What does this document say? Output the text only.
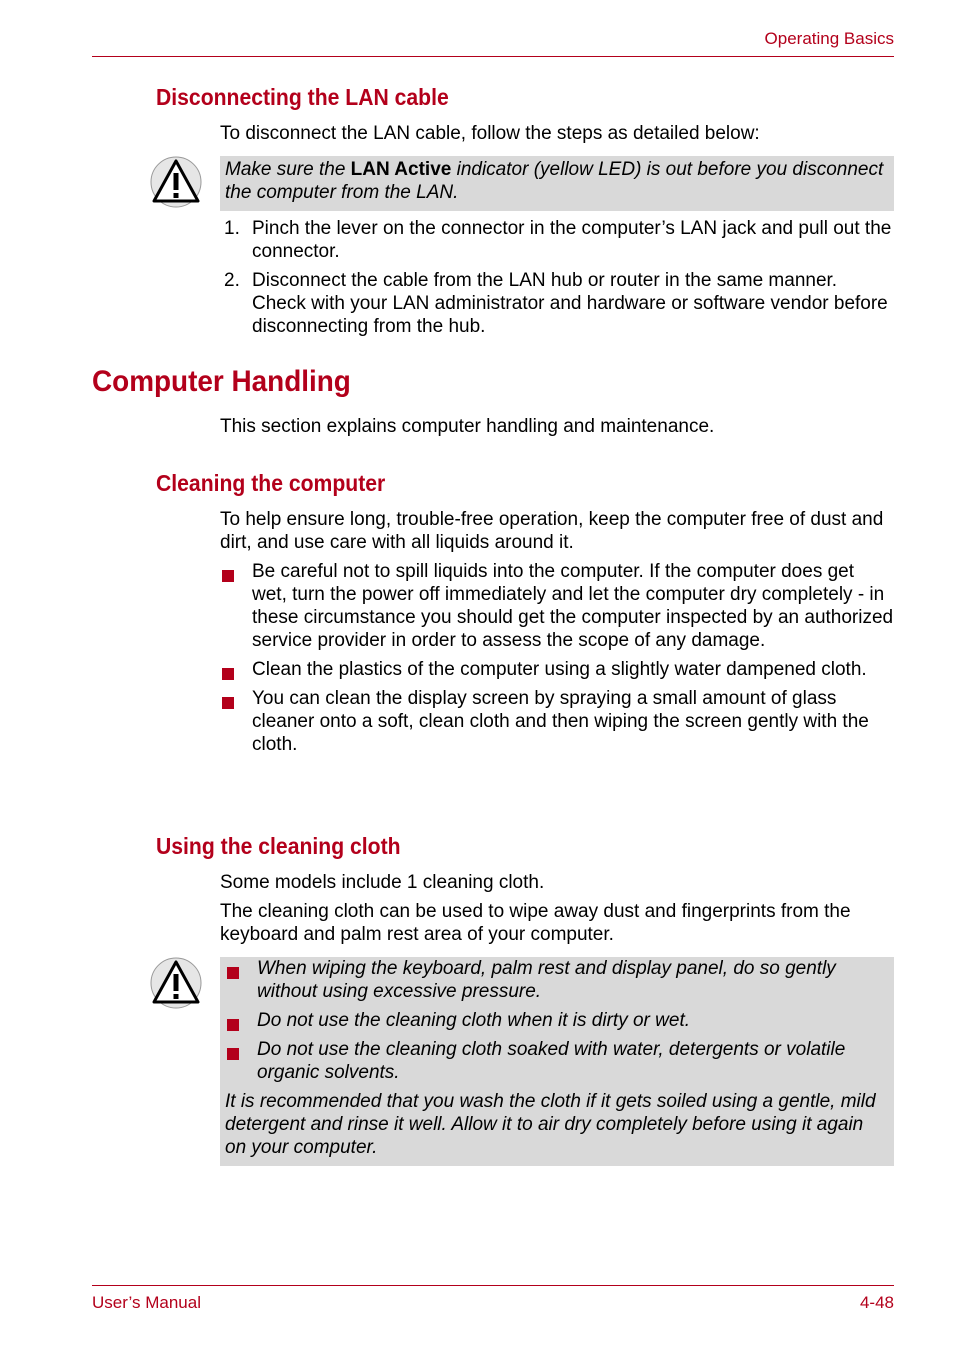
Operating Basics
Disconnecting the LAN cable
To disconnect the LAN cable, follow the steps as detailed below:
Make sure the LAN Active indicator (yellow LED) is out before you disconnect the computer from the LAN.
1. Pinch the lever on the connector in the computer’s LAN jack and pull out the connector.
2. Disconnect the cable from the LAN hub or router in the same manner. Check with your LAN administrator and hardware or software vendor before disconnecting from the hub.
Computer Handling
This section explains computer handling and maintenance.
Cleaning the computer
To help ensure long, trouble-free operation, keep the computer free of dust and dirt, and use care with all liquids around it.
Be careful not to spill liquids into the computer. If the computer does get wet, turn the power off immediately and let the computer dry completely - in these circumstance you should get the computer inspected by an authorized service provider in order to assess the scope of any damage.
Clean the plastics of the computer using a slightly water dampened cloth.
You can clean the display screen by spraying a small amount of glass cleaner onto a soft, clean cloth and then wiping the screen gently with the cloth.
Using the cleaning cloth
Some models include 1 cleaning cloth.
The cleaning cloth can be used to wipe away dust and fingerprints from the keyboard and palm rest area of your computer.
When wiping the keyboard, palm rest and display panel, do so gently without using excessive pressure.
Do not use the cleaning cloth when it is dirty or wet.
Do not use the cleaning cloth soaked with water, detergents or volatile organic solvents.
It is recommended that you wash the cloth if it gets soiled using a gentle, mild detergent and rinse it well. Allow it to air dry completely before using it again on your computer.
User’s Manual	4-48
